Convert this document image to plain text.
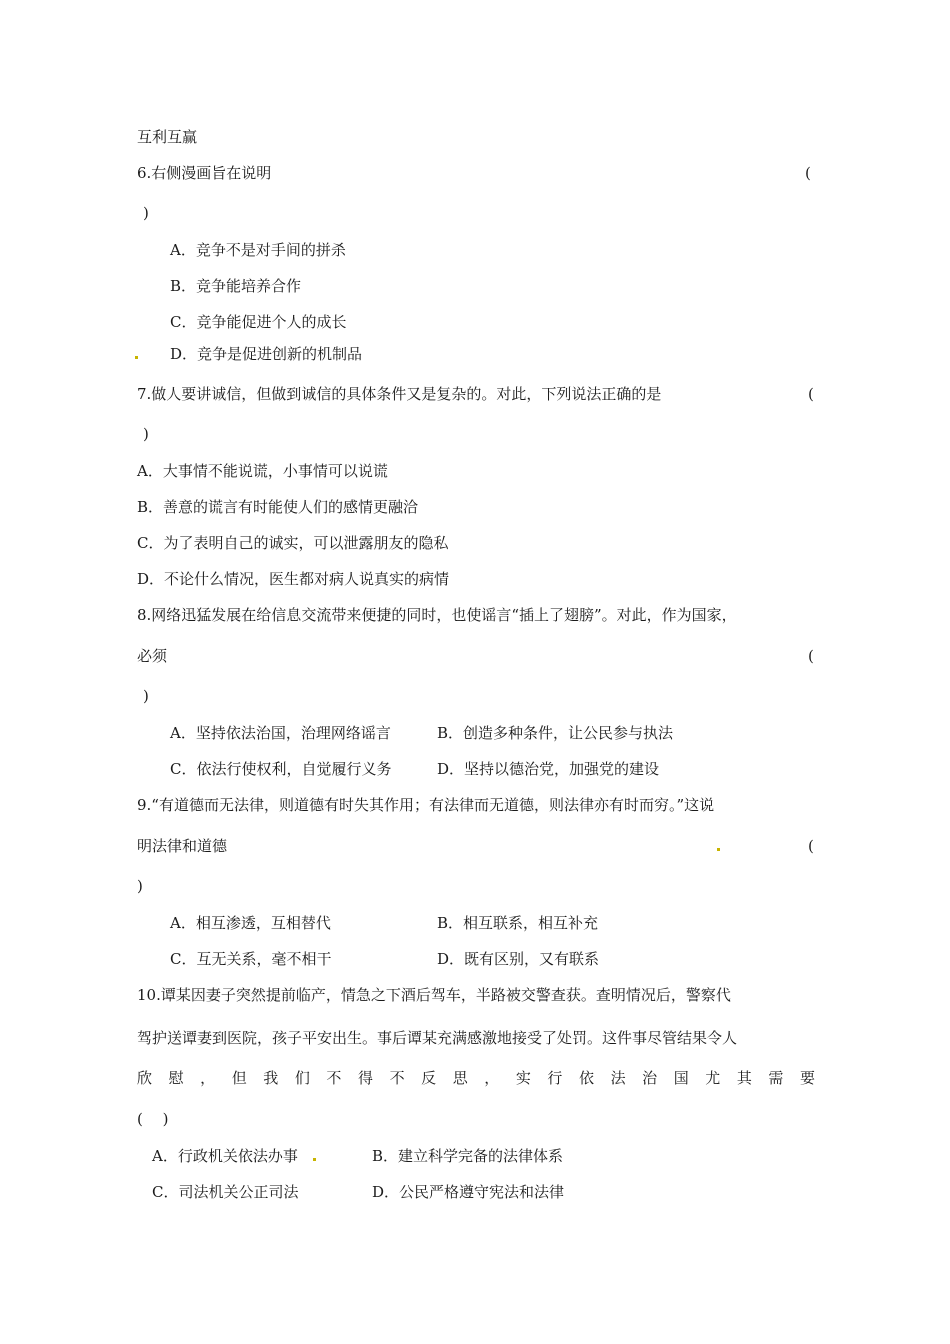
互利互赢
6.右侧漫画旨在说明	(
)
A．竞争不是对手间的拼杀
B．竞争能培养合作
C．竞争能促进个人的成长
D．竞争是促进创新的机制品
7.做人要讲诚信，但做到诚信的具体条件又是复杂的。对此，下列说法正确的是	(
)
A．大事情不能说谎，小事情可以说谎
B．善意的谎言有时能使人们的感情更融洽
C．为了表明自己的诚实，可以泄露朋友的隐私
D．不论什么情况，医生都对病人说真实的病情
8.网络迅猛发展在给信息交流带来便捷的同时，也使谣言“插上了翅膀”。对此，作为国家，
必须	(
)
A．坚持依法治国，治理网络谣言	B．创造多种条件，让公民参与执法
C．依法行使权利，自觉履行义务	D．坚持以德治党，加强党的建设
9.“有道德而无法律，则道德有时失其作用；有法律而无道德，则法律亦有时而穷。”这说
明法律和道德	(
)
A．相互渗透，互相替代	B．相互联系，相互补充
C．互无关系，毫不相干	D．既有区别，又有联系
10.谭某因妻子突然提前临产，情急之下酒后驾车，半路被交警查获。查明情况后，警察代
驾护送谭妻到医院，孩子平安出生。事后谭某充满感激地接受了处罚。这件事尽管结果令人
欣 慰 ， 但 我 们 不 得 不 反 思 ， 实 行 依 法 治 国 尤 其 需 要
(　 )
A．行政机关依法办事	B．建立科学完备的法律体系
C．司法机关公正司法	D．公民严格遵守宪法和法律
